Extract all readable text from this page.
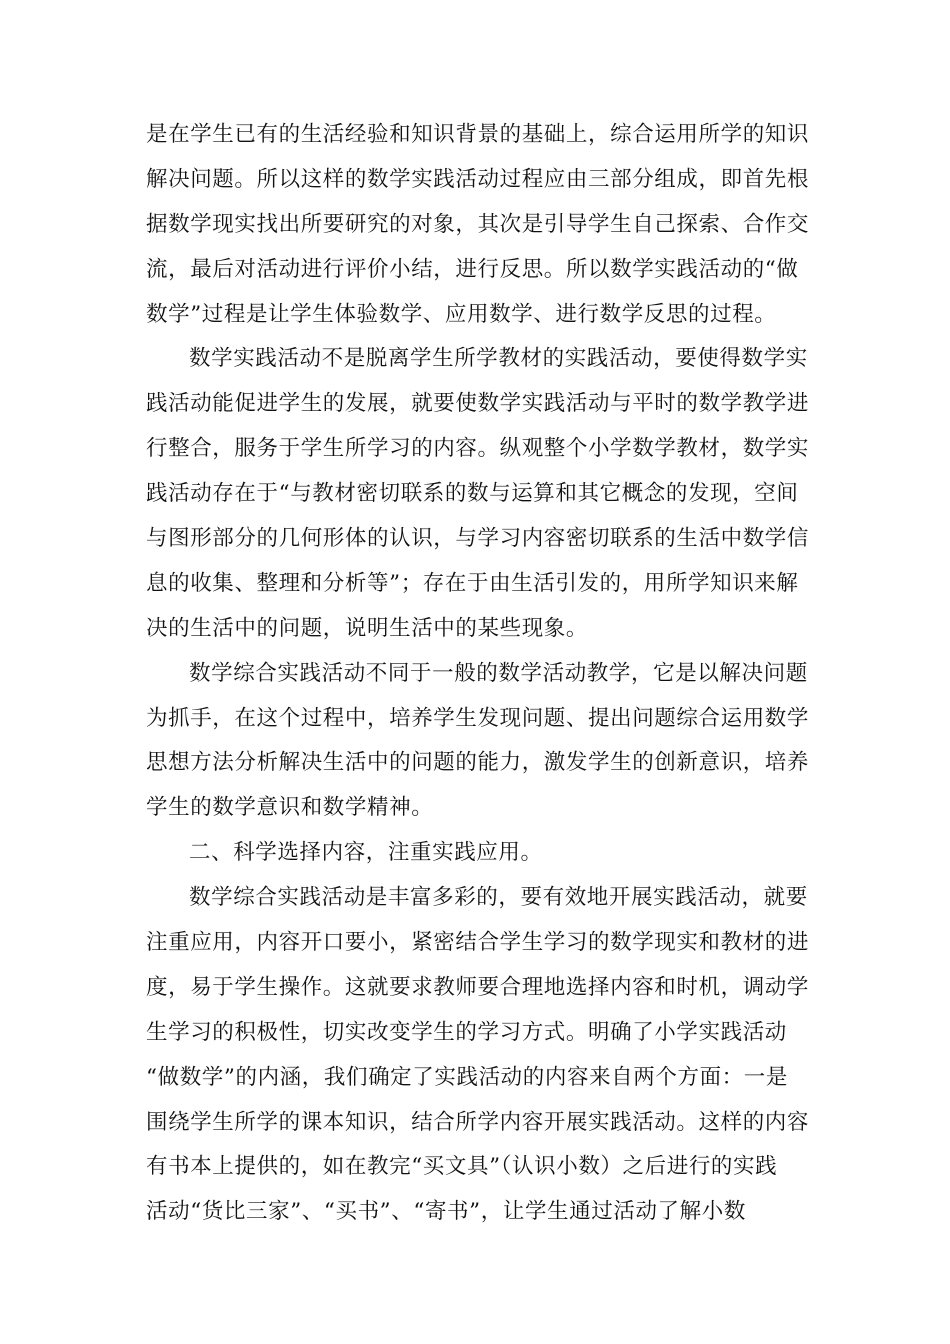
是在学生已有的生活经验和知识背景的基础上，综合运用所学的知识
解决问题。所以这样的数学实践活动过程应由三部分组成，即首先根
据数学现实找出所要研究的对象，其次是引导学生自己探索、合作交
流，最后对活动进行评价小结，进行反思。所以数学实践活动的“做
数学”过程是让学生体验数学、应用数学、进行数学反思的过程。
数学实践活动不是脱离学生所学教材的实践活动，要使得数学实
践活动能促进学生的发展，就要使数学实践活动与平时的数学教学进
行整合，服务于学生所学习的内容。纵观整个小学数学教材，数学实
践活动存在于“与教材密切联系的数与运算和其它概念的发现，空间
与图形部分的几何形体的认识，与学习内容密切联系的生活中数学信
息的收集、整理和分析等”；存在于由生活引发的，用所学知识来解
决的生活中的问题，说明生活中的某些现象。
数学综合实践活动不同于一般的数学活动教学，它是以解决问题
为抓手，在这个过程中，培养学生发现问题、提出问题综合运用数学
思想方法分析解决生活中的问题的能力，激发学生的创新意识，培养
学生的数学意识和数学精神。
二、科学选择内容，注重实践应用。
数学综合实践活动是丰富多彩的，要有效地开展实践活动，就要
注重应用，内容开口要小，紧密结合学生学习的数学现实和教材的进
度，易于学生操作。这就要求教师要合理地选择内容和时机，调动学
生学习的积极性，切实改变学生的学习方式。明确了小学实践活动
“做数学”的内涵，我们确定了实践活动的内容来自两个方面：一是
围绕学生所学的课本知识，结合所学内容开展实践活动。这样的内容
有书本上提供的，如在教完“买文具”（认识小数）之后进行的实践
活动“货比三家”、“买书”、“寄书”，让学生通过活动了解小数
